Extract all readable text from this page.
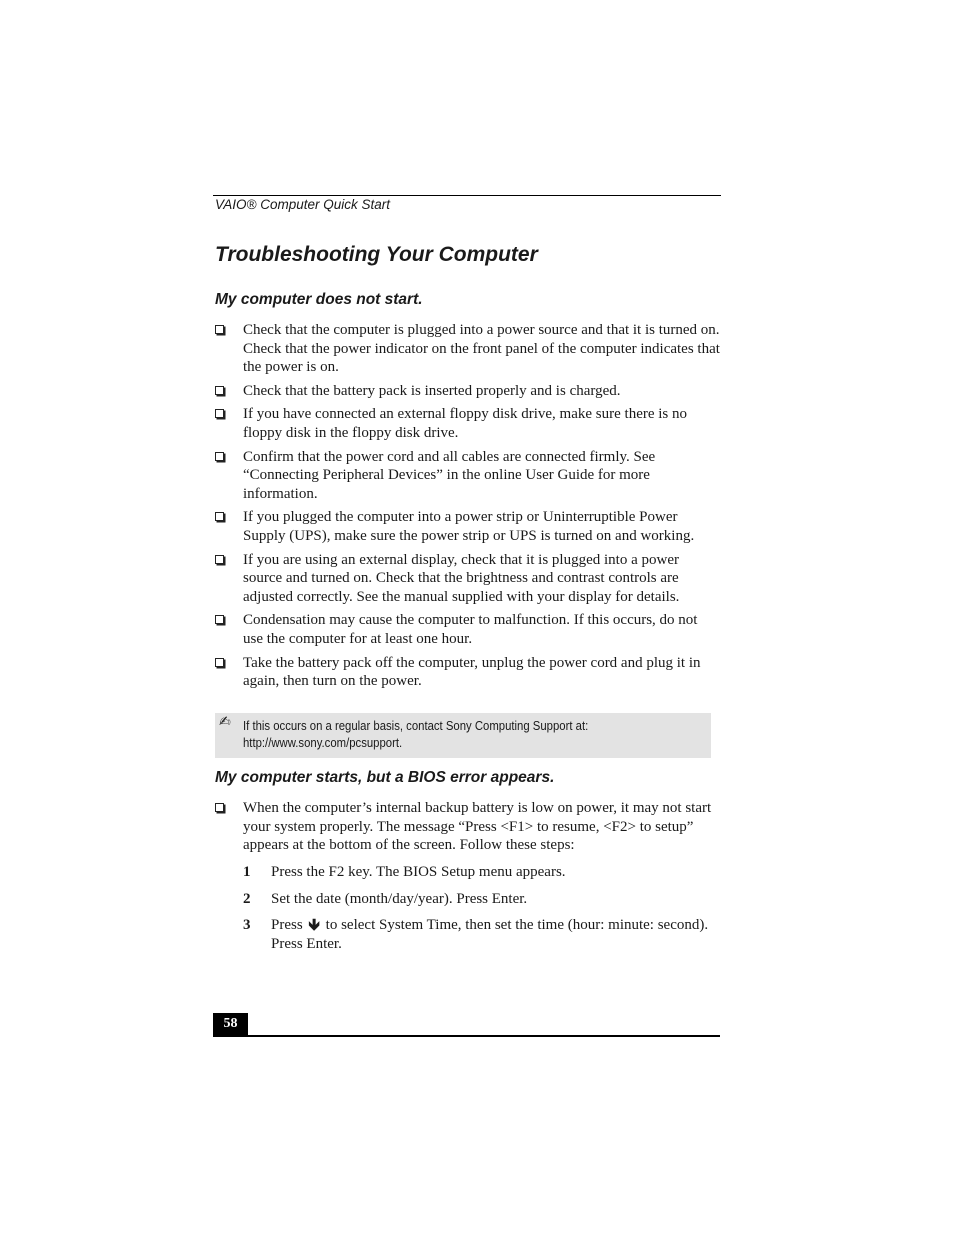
VAIO® Computer Quick Start
Troubleshooting Your Computer
My computer does not start.
Check that the computer is plugged into a power source and that it is turned on. Check that the power indicator on the front panel of the computer indicates that the power is on.
Check that the battery pack is inserted properly and is charged.
If you have connected an external floppy disk drive, make sure there is no floppy disk in the floppy disk drive.
Confirm that the power cord and all cables are connected firmly. See “Connecting Peripheral Devices” in the online User Guide for more information.
If you plugged the computer into a power strip or Uninterruptible Power Supply (UPS), make sure the power strip or UPS is turned on and working.
If you are using an external display, check that it is plugged into a power source and turned on. Check that the brightness and contrast controls are adjusted correctly. See the manual supplied with your display for details.
Condensation may cause the computer to malfunction. If this occurs, do not use the computer for at least one hour.
Take the battery pack off the computer, unplug the power cord and plug it in again, then turn on the power.
✍ If this occurs on a regular basis, contact Sony Computing Support at:
http://www.sony.com/pcsupport.
My computer starts, but a BIOS error appears.
When the computer’s internal backup battery is low on power, it may not start your system properly. The message “Press <F1> to resume, <F2> to setup” appears at the bottom of the screen. Follow these steps:
1 Press the F2 key. The BIOS Setup menu appears.
2 Set the date (month/day/year). Press Enter.
3 Press 🡻 to select System Time, then set the time (hour: minute: second). Press Enter.
58
